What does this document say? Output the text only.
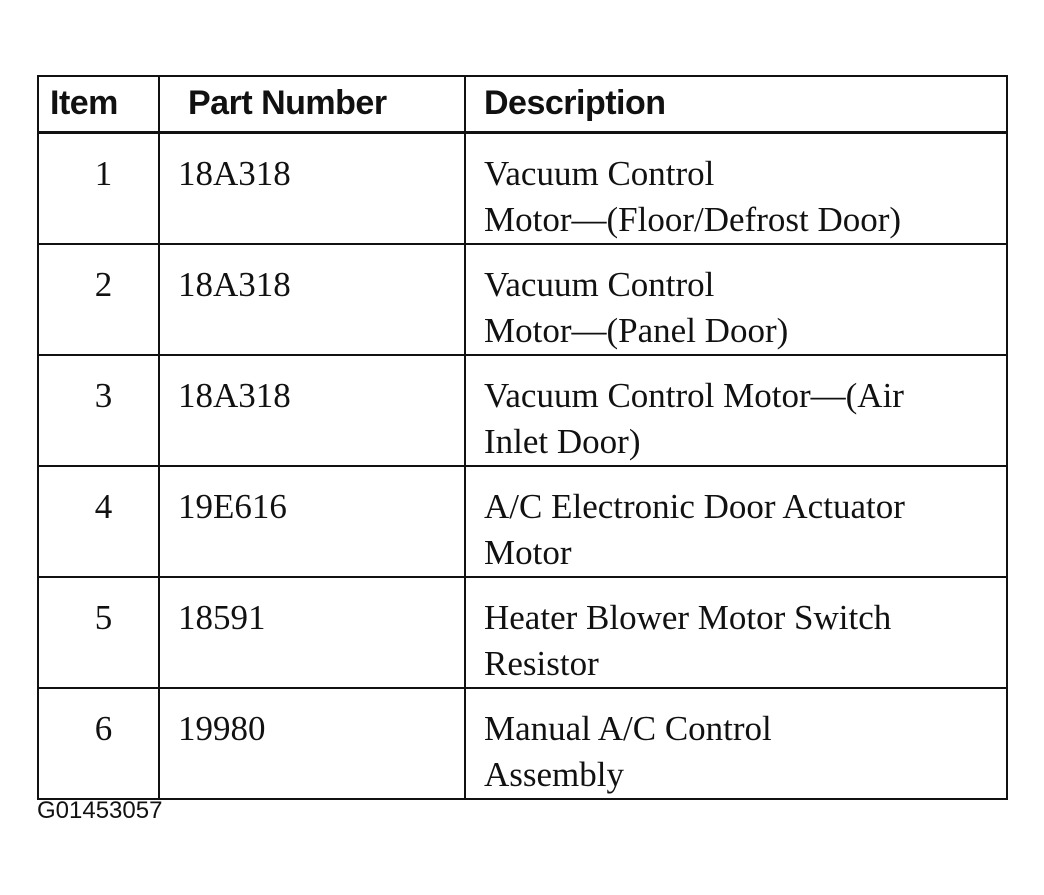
Item	Part Number	Description
1	18A318	Vacuum Control
Motor—(Floor/Defrost Door)

2	18A318	Vacuum Control
Motor—(Panel Door)

3	18A318	Vacuum Control Motor—(Air
Inlet Door)

4	19E616	A/C Electronic Door Actuator
Motor

5	18591	Heater Blower Motor Switch
Resistor

6	19980	Manual A/C Control
Assembly
G01453057
